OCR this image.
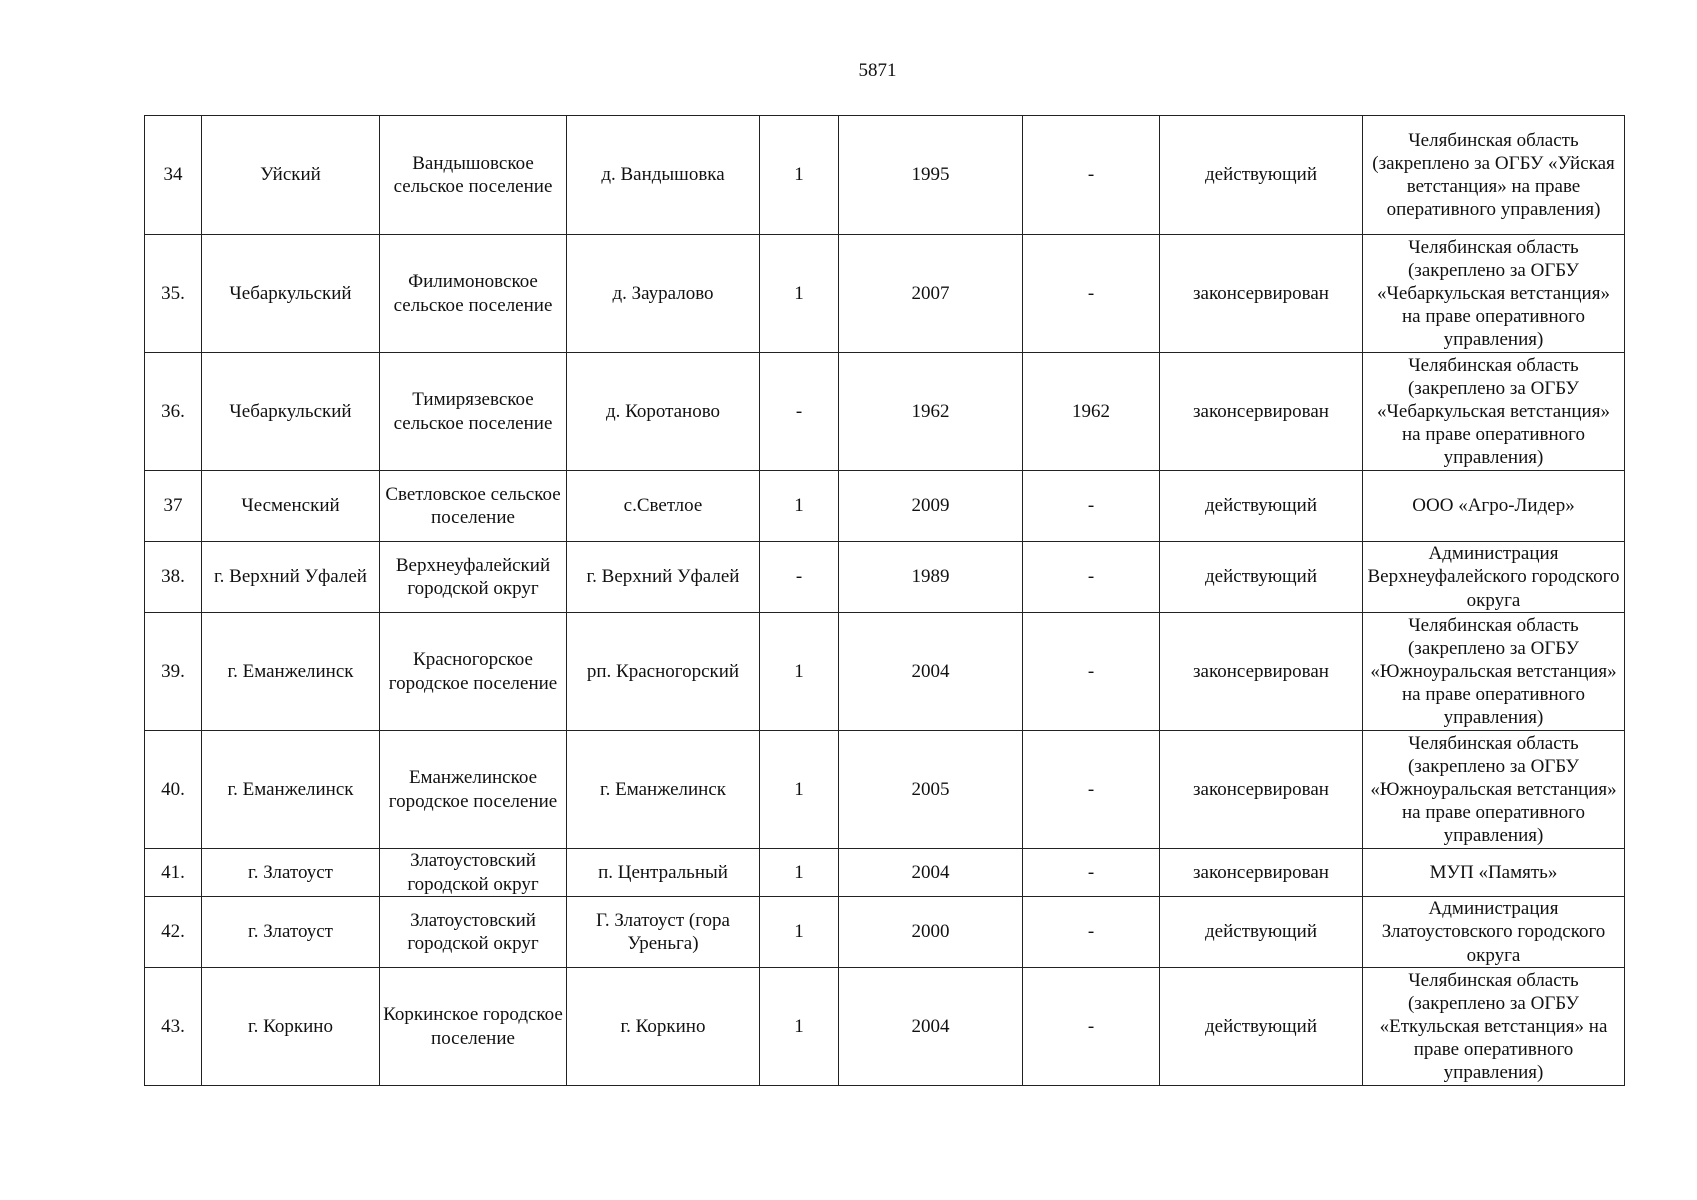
5871
34	Уйский	Вандышовское сельское поселение	д. Вандышовка	1	1995	-	действующий	Челябинская область (закреплено за ОГБУ «Уйская ветстанция» на праве оперативного управления)
35.	Чебаркульский	Филимоновское сельское поселение	д. Зауралово	1	2007	-	законсервирован	Челябинская область (закреплено за ОГБУ «Чебаркульская ветстанция» на праве оперативного управления)
36.	Чебаркульский	Тимирязевское сельское поселение	д. Коротаново	-	1962	1962	законсервирован	Челябинская область (закреплено за ОГБУ «Чебаркульская ветстанция» на праве оперативного управления)
37	Чесменский	Светловское сельское поселение	с.Светлое	1	2009	-	действующий	ООО «Агро-Лидер»
38.	г. Верхний Уфалей	Верхнеуфалейский городской округ	г. Верхний Уфалей	-	1989	-	действующий	Администрация Верхнеуфалейского городского округа
39.	г. Еманжелинск	Красногорское городское поселение	рп. Красногорский	1	2004	-	законсервирован	Челябинская область (закреплено за ОГБУ «Южноуральская ветстанция» на праве оперативного управления)
40.	г. Еманжелинск	Еманжелинское городское поселение	г. Еманжелинск	1	2005	-	законсервирован	Челябинская область (закреплено за ОГБУ «Южноуральская ветстанция» на праве оперативного управления)
41.	г. Златоуст	Златоустовский городской округ	п. Центральный	1	2004	-	законсервирован	МУП «Память»
42.	г. Златоуст	Златоустовский городской округ	Г. Златоуст (гора Уреньга)	1	2000	-	действующий	Администрация Златоустовского городского округа
43.	г. Коркино	Коркинское городское поселение	г. Коркино	1	2004	-	действующий	Челябинская область (закреплено за ОГБУ «Еткульская ветстанция» на праве оперативного управления)
